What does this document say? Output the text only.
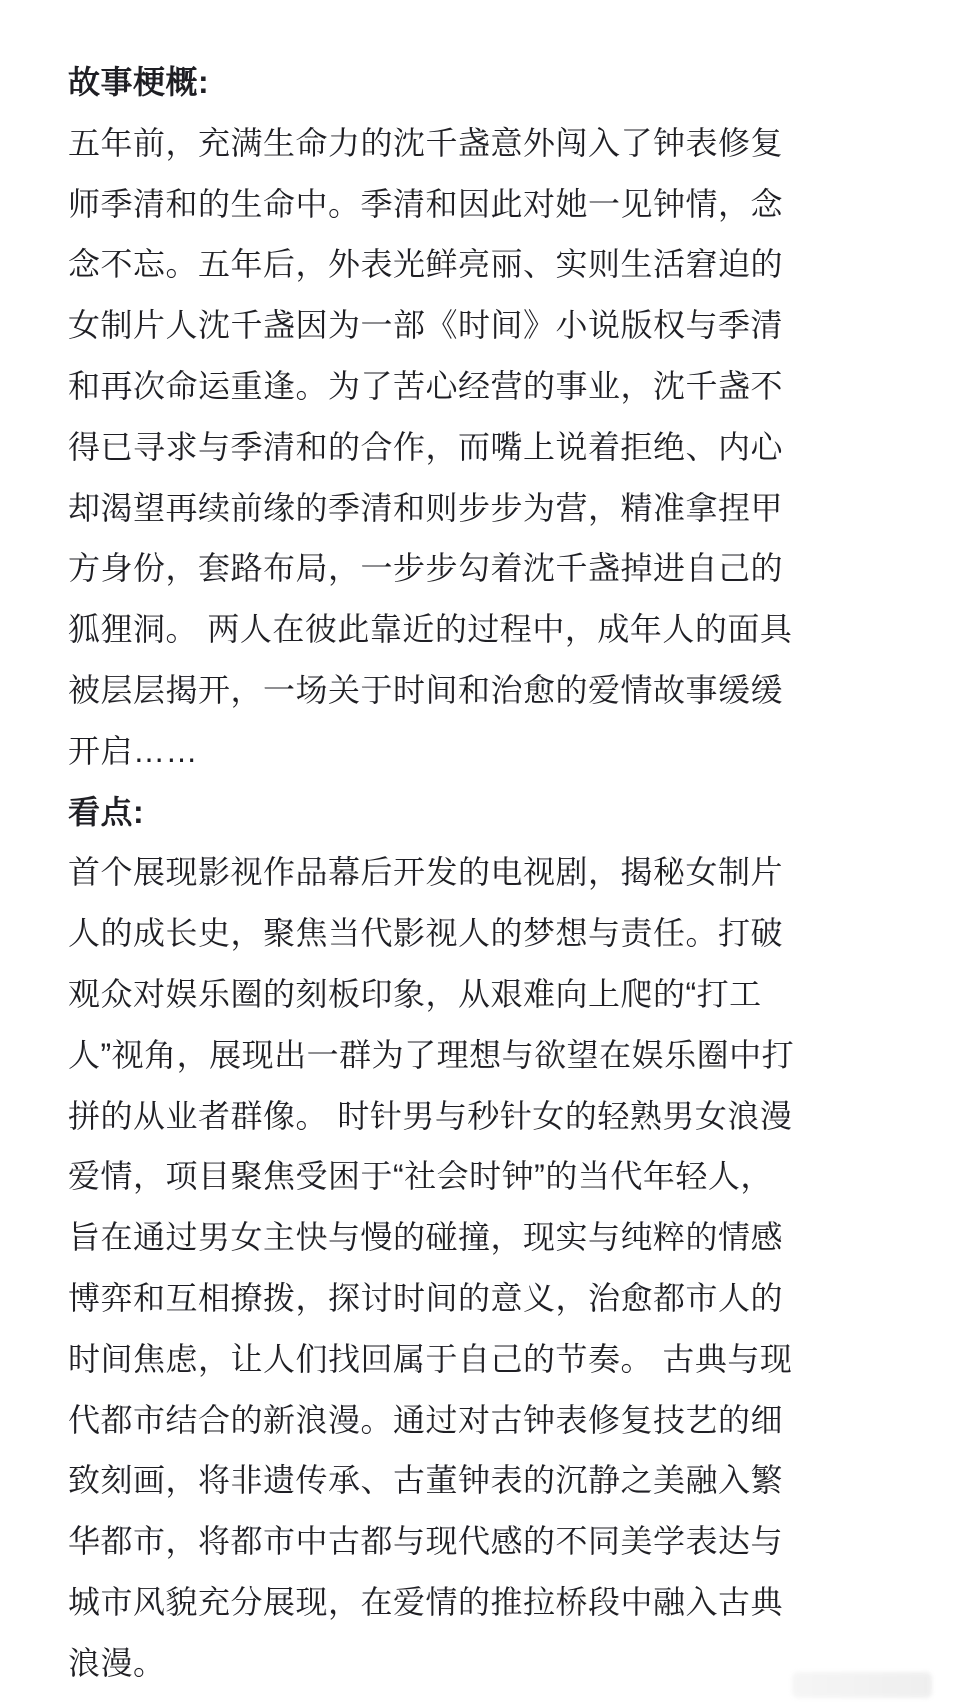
故事梗概:
五年前，充满生命力的沈千盏意外闯入了钟表修复
师季清和的生命中。季清和因此对她一见钟情，念
念不忘。五年后，外表光鲜亮丽、实则生活窘迫的
女制片人沈千盏因为一部《时间》小说版权与季清
和再次命运重逢。为了苦心经营的事业，沈千盏不
得已寻求与季清和的合作，而嘴上说着拒绝、内心
却渴望再续前缘的季清和则步步为营，精准拿捏甲
方身份，套路布局，一步步勾着沈千盏掉进自己的
狐狸洞。 两人在彼此靠近的过程中，成年人的面具
被层层揭开，一场关于时间和治愈的爱情故事缓缓
开启……
看点:
首个展现影视作品幕后开发的电视剧，揭秘女制片
人的成长史，聚焦当代影视人的梦想与责任。打破
观众对娱乐圈的刻板印象，从艰难向上爬的“打工
人”视角，展现出一群为了理想与欲望在娱乐圈中打
拼的从业者群像。 时针男与秒针女的轻熟男女浪漫
爱情，项目聚焦受困于“社会时钟”的当代年轻人，
旨在通过男女主快与慢的碰撞，现实与纯粹的情感
博弈和互相撩拨，探讨时间的意义，治愈都市人的
时间焦虑，让人们找回属于自己的节奏。 古典与现
代都市结合的新浪漫。通过对古钟表修复技艺的细
致刻画，将非遗传承、古董钟表的沉静之美融入繁
华都市，将都市中古都与现代感的不同美学表达与
城市风貌充分展现，在爱情的推拉桥段中融入古典
浪漫。
